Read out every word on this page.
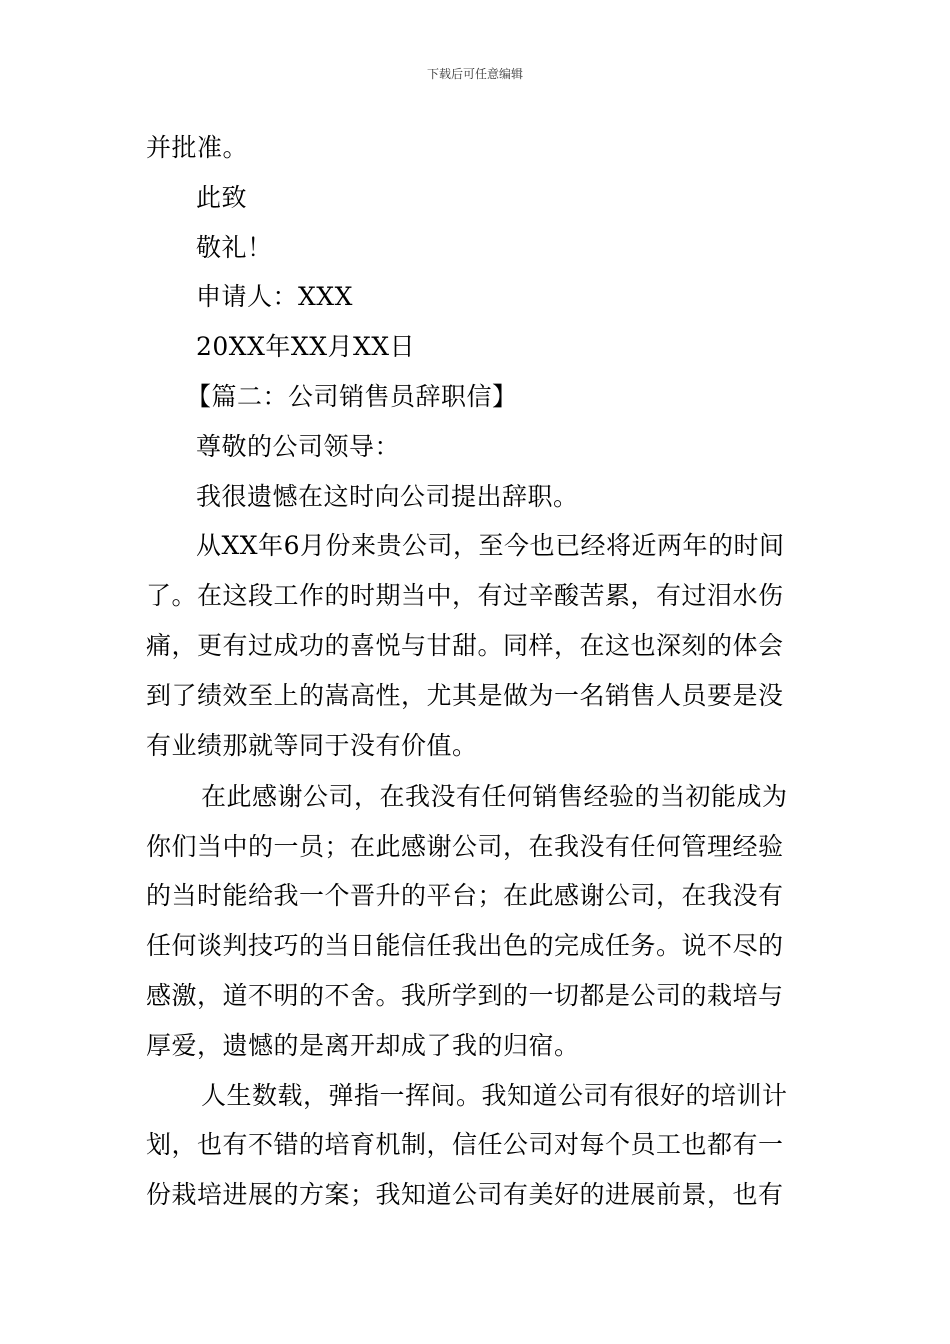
下载后可任意编辑
并批准。
此致
敬礼！
申请人：XXX
20XX年XX月XX日
【篇二：公司销售员辞职信】
尊敬的公司领导：
我很遗憾在这时向公司提出辞职。
从XX年6月份来贵公司，至今也已经将近两年的时间
了。在这段工作的时期当中，有过辛酸苦累，有过泪水伤
痛，更有过成功的喜悦与甘甜。同样，在这也深刻的体会
到了绩效至上的嵩高性，尤其是做为一名销售人员要是没
有业绩那就等同于没有价值。
在此感谢公司，在我没有任何销售经验的当初能成为
你们当中的一员；在此感谢公司，在我没有任何管理经验
的当时能给我一个晋升的平台；在此感谢公司，在我没有
任何谈判技巧的当日能信任我出色的完成任务。说不尽的
感激，道不明的不舍。我所学到的一切都是公司的栽培与
厚爱，遗憾的是离开却成了我的归宿。
人生数载，弹指一挥间。我知道公司有很好的培训计
划，也有不错的培育机制，信任公司对每个员工也都有一
份栽培进展的方案；我知道公司有美好的进展前景，也有
